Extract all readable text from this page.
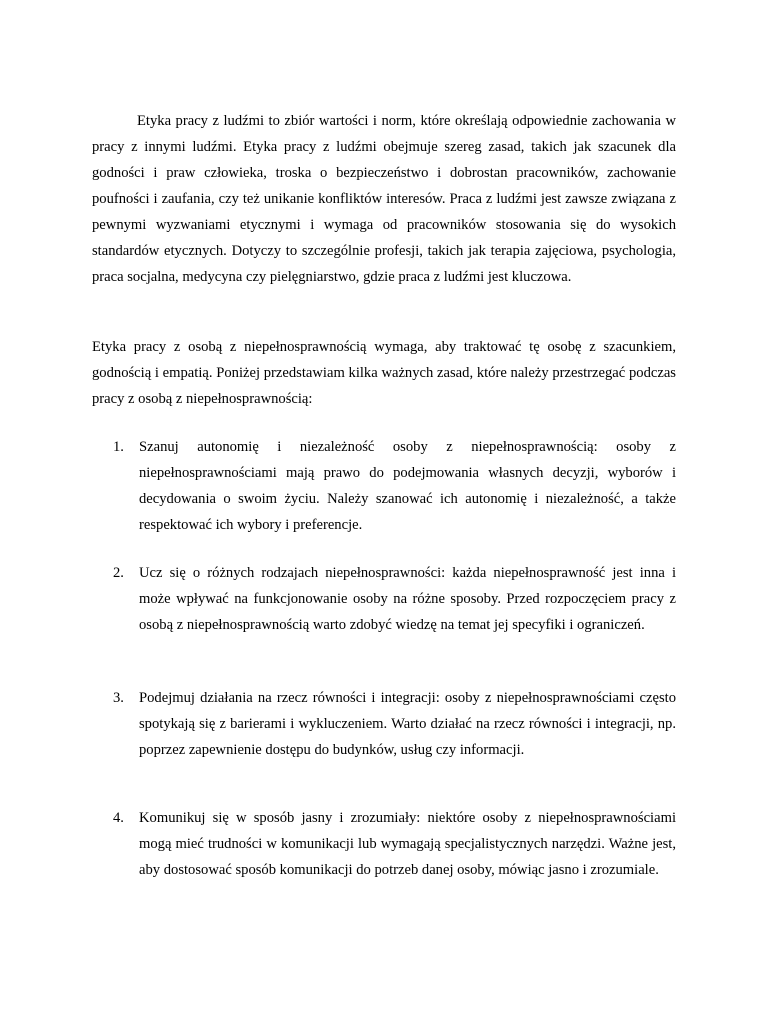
Etyka pracy z ludźmi to zbiór wartości i norm, które określają odpowiednie zachowania w pracy z innymi ludźmi. Etyka pracy z ludźmi obejmuje szereg zasad, takich jak szacunek dla godności i praw człowieka, troska o bezpieczeństwo i dobrostan pracowników, zachowanie poufności i zaufania, czy też unikanie konfliktów interesów. Praca z ludźmi jest zawsze związana z pewnymi wyzwaniami etycznymi i wymaga od pracowników stosowania się do wysokich standardów etycznych. Dotyczy to szczególnie profesji, takich jak terapia zajęciowa, psychologia, praca socjalna, medycyna czy pielęgniarstwo, gdzie praca z ludźmi jest kluczowa.

Etyka pracy z osobą z niepełnosprawnością wymaga, aby traktować tę osobę z szacunkiem, godnością i empatią. Poniżej przedstawiam kilka ważnych zasad, które należy przestrzegać podczas pracy z osobą z niepełnosprawnością:

1. Szanuj autonomię i niezależność osoby z niepełnosprawnością: osoby z niepełnosprawnościami mają prawo do podejmowania własnych decyzji, wyborów i decydowania o swoim życiu. Należy szanować ich autonomię i niezależność, a także respektować ich wybory i preferencje.
2. Ucz się o różnych rodzajach niepełnosprawności: każda niepełnosprawność jest inna i może wpływać na funkcjonowanie osoby na różne sposoby. Przed rozpoczęciem pracy z osobą z niepełnosprawnością warto zdobyć wiedzę na temat jej specyfiki i ograniczeń.
3. Podejmuj działania na rzecz równości i integracji: osoby z niepełnosprawnościami często spotykają się z barierami i wykluczeniem. Warto działać na rzecz równości i integracji, np. poprzez zapewnienie dostępu do budynków, usług czy informacji.
4. Komunikuj się w sposób jasny i zrozumiały: niektóre osoby z niepełnosprawnościami mogą mieć trudności w komunikacji lub wymagają specjalistycznych narzędzi. Ważne jest, aby dostosować sposób komunikacji do potrzeb danej osoby, mówiąc jasno i zrozumiale.
